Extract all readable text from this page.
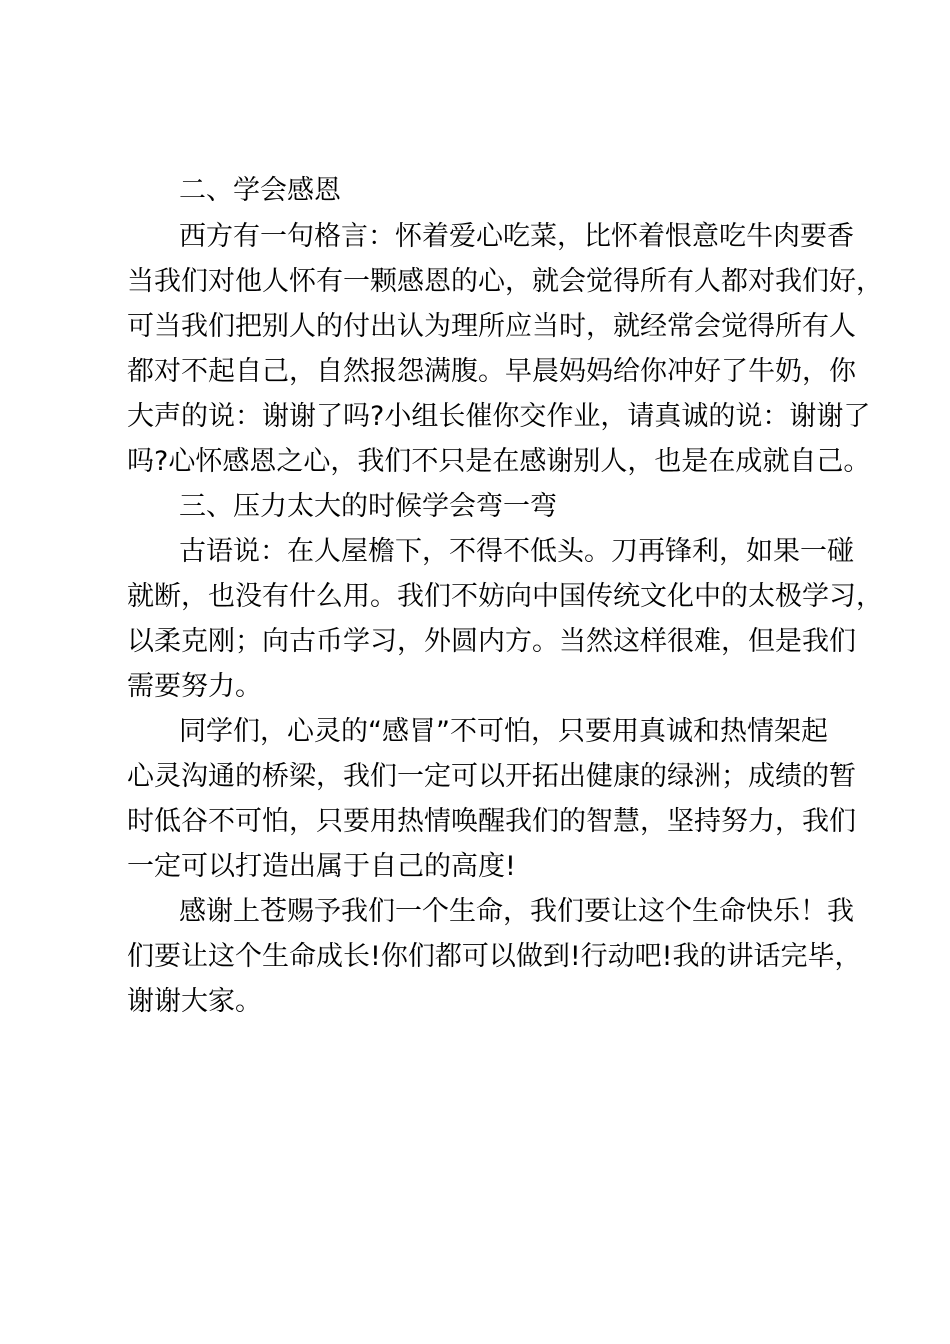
二、学会感恩
西方有一句格言：怀着爱心吃菜，比怀着恨意吃牛肉要香
当我们对他人怀有一颗感恩的心，就会觉得所有人都对我们好，
可当我们把别人的付出认为理所应当时，就经常会觉得所有人
都对不起自己，自然报怨满腹。早晨妈妈给你冲好了牛奶，你
大声的说：谢谢了吗?小组长催你交作业，请真诚的说：谢谢了
吗?心怀感恩之心，我们不只是在感谢别人，也是在成就自己。
三、压力太大的时候学会弯一弯
古语说：在人屋檐下，不得不低头。刀再锋利，如果一碰
就断，也没有什么用。我们不妨向中国传统文化中的太极学习，
以柔克刚；向古币学习，外圆内方。当然这样很难，但是我们
需要努力。
同学们，心灵的“感冒”不可怕，只要用真诚和热情架起
心灵沟通的桥梁，我们一定可以开拓出健康的绿洲；成绩的暂
时低谷不可怕，只要用热情唤醒我们的智慧，坚持努力，我们
一定可以打造出属于自己的高度!
感谢上苍赐予我们一个生命，我们要让这个生命快乐！我
们要让这个生命成长!你们都可以做到!行动吧!我的讲话完毕，
谢谢大家。
